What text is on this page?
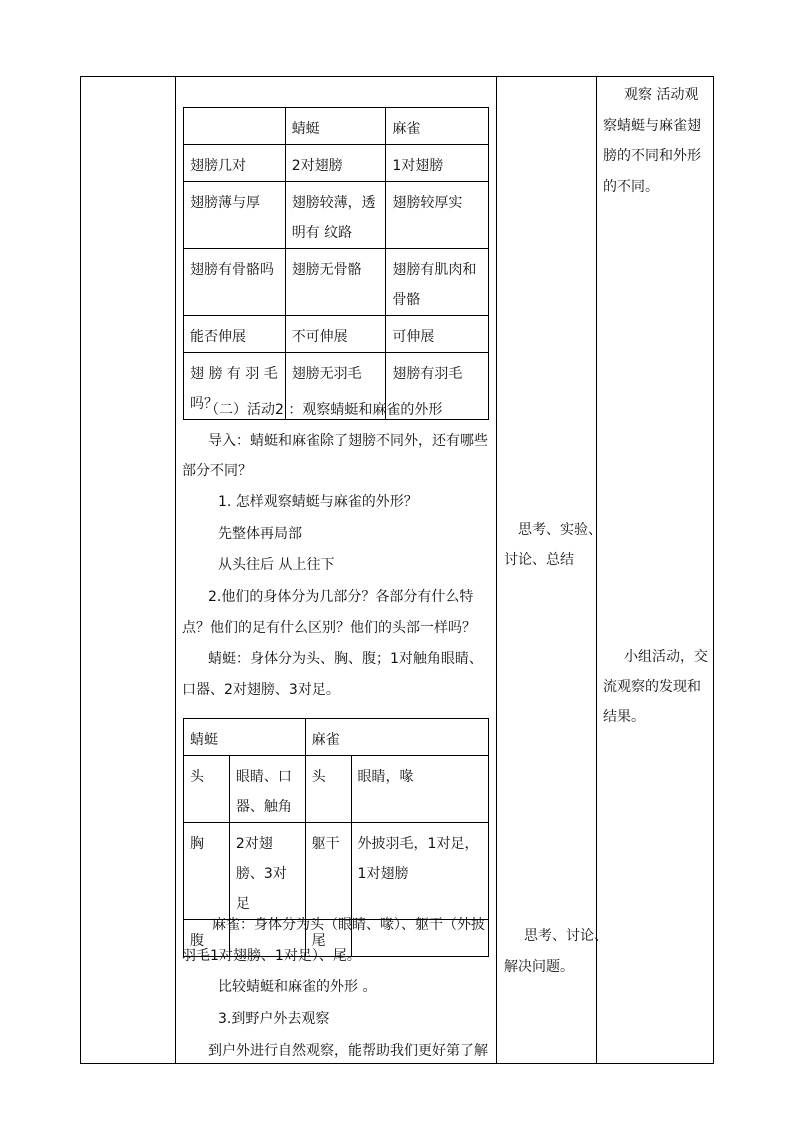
	蜻蜓	麻雀
翅膀几对	2对翅膀	1对翅膀
翅膀薄与厚	翅膀较薄，透明有 纹路	翅膀较厚实
翅膀有骨骼吗	翅膀无骨骼	翅膀有肌肉和骨骼
能否伸展	不可伸展	可伸展
翅 膀 有 羽 毛 吗？	翅膀无羽毛	翅膀有羽毛

（二）活动2 ：观察蜻蜓和麻雀的外形

导入：蜻蜓和麻雀除了翅膀不同外，还有哪些

部分不同？

1. 怎样观察蜻蜓与麻雀的外形？

先整体再局部

从头往后 从上往下

2.他们的身体分为几部分？各部分有什么特

点？他们的足有什么区别？他们的头部一样吗？

蜻蜓：身体分为头、胸、腹；1对触角眼睛、

口器、2对翅膀、3对足。

蜻蜓		麻雀	
头	眼睛、口器、触角	头	眼睛，喙
胸	2对翅膀、3对足	躯干	外披羽毛，1对足，1对翅膀
腹		尾	

麻雀：身体分为头（眼睛、喙）、躯干（外披

羽毛1对翅膀、1对足）、尾。

比较蜻蜓和麻雀的外形 。

3.到野户外去观察

到户外进行自然观察，能帮助我们更好第了解

思考、实验、

讨论、总结

思考、讨论、

解决问题。

观察 活动观

察蜻蜓与麻雀翅

膀的不同和外形

的不同。

小组活动，交

流观察的发现和

结果。
